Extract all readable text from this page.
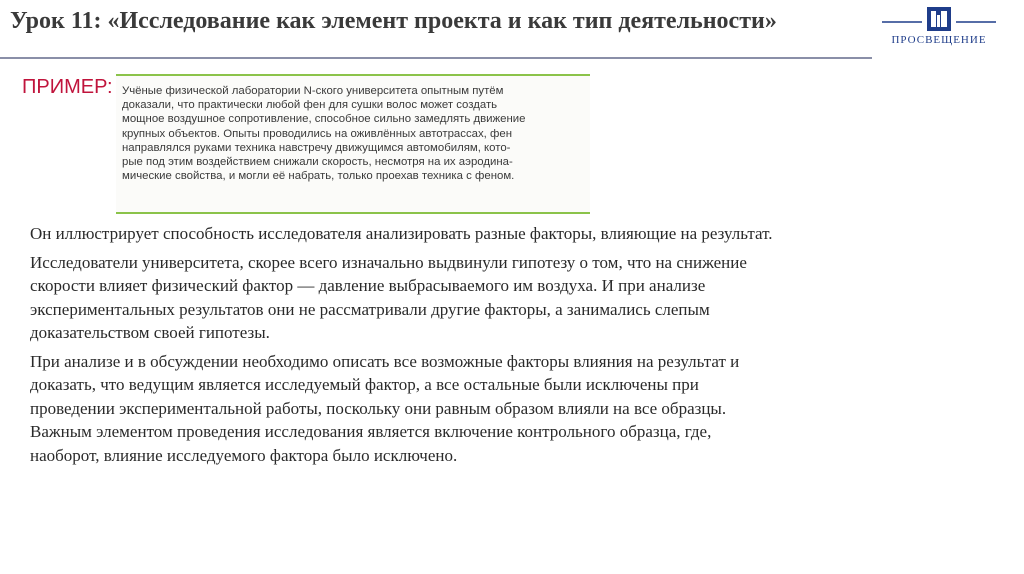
Урок 11: «Исследование как элемент проекта и как тип деятельности»
ПРОСВЕЩЕНИЕ
ПРИМЕР: Учёные физической лаборатории N-ского университета опытным путём
доказали, что практически любой фен для сушки волос может создать
мощное воздушное сопротивление, способное сильно замедлять движение
крупных объектов. Опыты проводились на оживлённых автотрассах, фен
направлялся руками техника навстречу движущимся автомобилям, кото-
рые под этим воздействием снижали скорость, несмотря на их аэродина-
мические свойства, и могли её набрать, только проехав техника с феном.
Он иллюстрирует способность исследователя анализировать разные факторы, влияющие на результат.
Исследователи университета, скорее всего изначально выдвинули гипотезу о том, что на снижение
скорости влияет физический фактор — давление выбрасываемого им воздуха. И при анализе
экспериментальных результатов они не рассматривали другие факторы, а занимались слепым
доказательством своей гипотезы.
При анализе и в обсуждении необходимо описать все возможные факторы влияния на результат и
доказать, что ведущим является исследуемый фактор, а все остальные были исключены при
проведении экспериментальной работы, поскольку они равным образом влияли на все образцы.
Важным элементом проведения исследования является включение контрольного образца, где,
наоборот, влияние исследуемого фактора было исключено.
